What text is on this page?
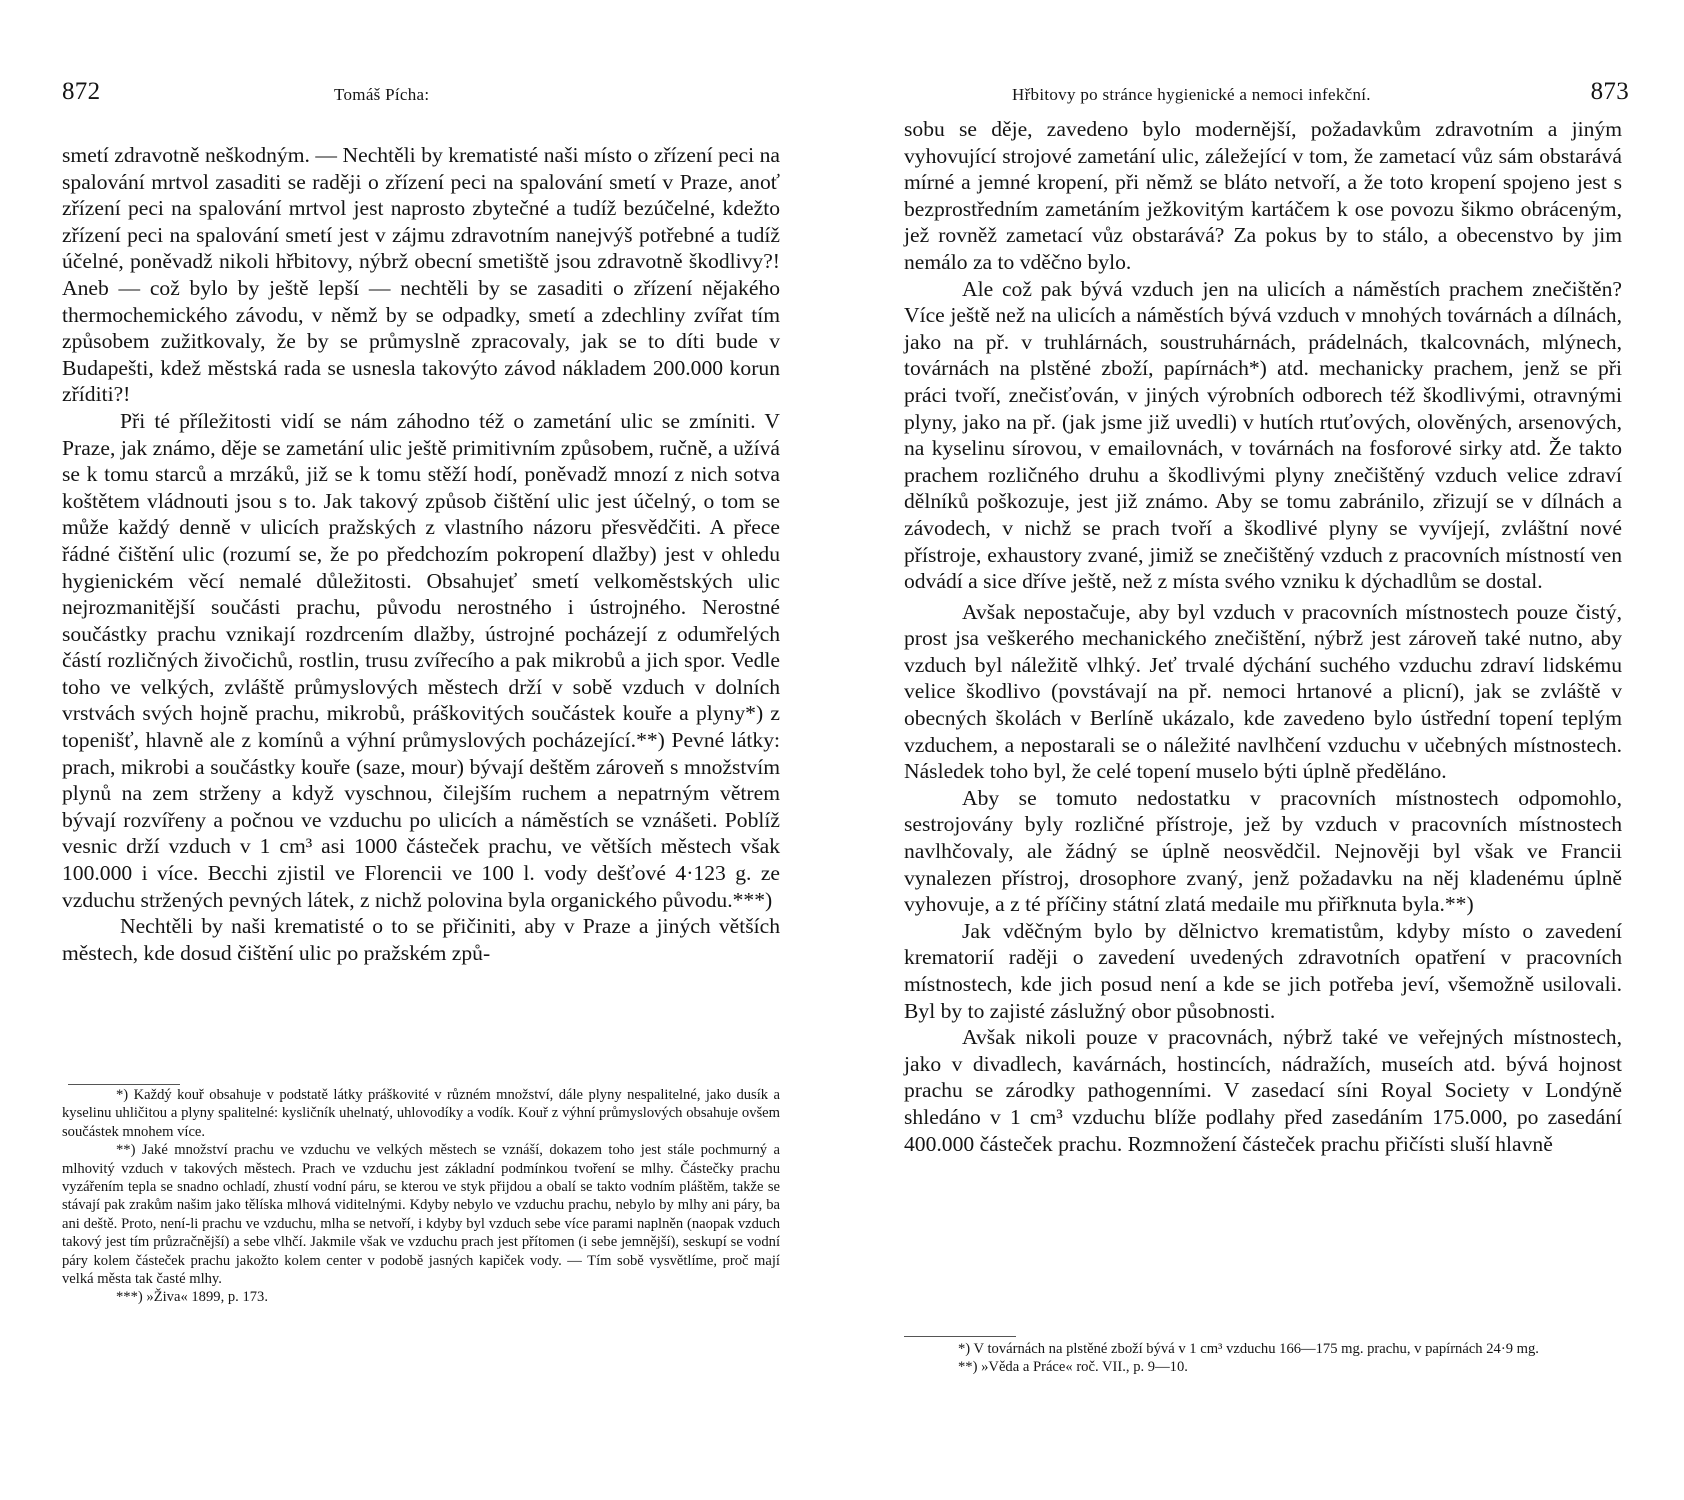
872	Tomáš Pícha:

smetí zdravotně neškodným. — Nechtěli by krematisté naši místo o zřízení peci na spalování mrtvol zasaditi se raději o zřízení peci na spalování smetí v Praze, anoť zřízení peci na spalování mrtvol jest naprosto zbytečné a tudíž bezúčelné, kdežto zřízení peci na spalování smetí jest v zájmu zdravotním nanejvýš potřebné a tudíž účelné, poněvadž nikoli hřbitovy, nýbrž obecní smetiště jsou zdravotně škodlivy?! Aneb — což bylo by ještě lepší — nechtěli by se zasaditi o zřízení nějakého thermochemického závodu, v němž by se odpadky, smetí a zdechliny zvířat tím způsobem zužitkovaly, že by se průmyslně zpracovaly, jak se to díti bude v Budapešti, kdež městská rada se usnesla takovýto závod nákladem 200.000 korun zříditi?!

Při té příležitosti vidí se nám záhodno též o zametání ulic se zmíniti. V Praze, jak známo, děje se zametání ulic ještě primitivním způsobem, ručně, a užívá se k tomu starců a mrzáků, již se k tomu stěží hodí, poněvadž mnozí z nich sotva koštětem vládnouti jsou s to. Jak takový způsob čištění ulic jest účelný, o tom se může každý denně v ulicích pražských z vlastního názoru přesvědčiti. A přece řádné čištění ulic (rozumí se, že po předchozím pokropení dlažby) jest v ohledu hygienickém věcí nemalé důležitosti. Obsahujeť smetí velkoměstských ulic nejrozmanitější součásti prachu, původu nerostného i ústrojného. Nerostné součástky prachu vznikají rozdrcením dlažby, ústrojné pocházejí z odumřelých částí rozličných živočichů, rostlin, trusu zvířecího a pak mikrobů a jich spor. Vedle toho ve velkých, zvláště průmyslových městech drží v sobě vzduch v dolních vrstvách svých hojně prachu, mikrobů, práškovitých součástek kouře a plyny*) z topenišť, hlavně ale z komínů a výhní průmyslových pocházející.**) Pevné látky: prach, mikrobi a součástky kouře (saze, mour) bývají deštěm zároveň s množstvím plynů na zem strženy a když vyschnou, čilejším ruchem a nepatrným větrem bývají rozvířeny a počnou ve vzduchu po ulicích a náměstích se vznášeti. Poblíž vesnic drží vzduch v 1 cm³ asi 1000 částeček prachu, ve větších městech však 100.000 i více. Becchi zjistil ve Florencii ve 100 l. vody dešťové 4·123 g. ze vzduchu stržených pevných látek, z nichž polovina byla organického původu.***)

Nechtěli by naši krematisté o to se přičiniti, aby v Praze a jiných větších městech, kde dosud čištění ulic po pražském způ-

*) Každý kouř obsahuje v podstatě látky práškovité v různém množství, dále plyny nespalitelné, jako dusík a kyselinu uhličitou a plyny spalitelné: kysličník uhelnatý, uhlovodíky a vodík. Kouř z výhní průmyslových obsahuje ovšem součástek mnohem více.

**) Jaké množství prachu ve vzduchu ve velkých městech se vznáší, dokazem toho jest stále pochmurný a mlhovitý vzduch v takových městech. Prach ve vzduchu jest základní podmínkou tvoření se mlhy. Částečky prachu vyzářením tepla se snadno ochladí, zhustí vodní páru, se kterou ve styk přijdou a obalí se takto vodním pláštěm, takže se stávají pak zrakům našim jako tělíska mlhová viditelnými. Kdyby nebylo ve vzduchu prachu, nebylo by mlhy ani páry, ba ani deště. Proto, není-li prachu ve vzduchu, mlha se netvoří, i kdyby byl vzduch sebe více parami naplněn (naopak vzduch takový jest tím průzračnější) a sebe vlhčí. Jakmile však ve vzduchu prach jest přítomen (i sebe jemnější), seskupí se vodní páry kolem částeček prachu jakožto kolem center v podobě jasných kapiček vody. — Tím sobě vysvětlíme, proč mají velká města tak časté mlhy.

***) »Živa« 1899, p. 173.

Hřbitovy po stránce hygienické a nemoci infekční.	873

sobu se děje, zavedeno bylo modernější, požadavkům zdravotním a jiným vyhovující strojové zametání ulic, záležející v tom, že zametací vůz sám obstarává mírné a jemné kropení, při němž se bláto netvoří, a že toto kropení spojeno jest s bezprostředním zametáním ježkovitým kartáčem k ose povozu šikmo obráceným, jež rovněž zametací vůz obstarává? Za pokus by to stálo, a obecenstvo by jim nemálo za to vděčno bylo.

Ale což pak bývá vzduch jen na ulicích a náměstích prachem znečištěn? Více ještě než na ulicích a náměstích bývá vzduch v mnohých továrnách a dílnách, jako na př. v truhlárnách, soustruhárnách, prádelnách, tkalcovnách, mlýnech, továrnách na plstěné zboží, papírnách*) atd. mechanicky prachem, jenž se při práci tvoří, znečisťován, v jiných výrobních odborech též škodlivými, otravnými plyny, jako na př. (jak jsme již uvedli) v hutích rtuťových, olověných, arsenových, na kyselinu sírovou, v emailovnách, v továrnách na fosforové sirky atd. Že takto prachem rozličného druhu a škodlivými plyny znečištěný vzduch velice zdraví dělníků poškozuje, jest již známo. Aby se tomu zabránilo, zřizují se v dílnách a závodech, v nichž se prach tvoří a škodlivé plyny se vyvíjejí, zvláštní nové přístroje, exhaustory zvané, jimiž se znečištěný vzduch z pracovních místností ven odvádí a sice dříve ještě, než z místa svého vzniku k dýchadlům se dostal.

Avšak nepostačuje, aby byl vzduch v pracovních místnostech pouze čistý, prost jsa veškerého mechanického znečištění, nýbrž jest zároveň také nutno, aby vzduch byl náležitě vlhký. Jeť trvalé dýchání suchého vzduchu zdraví lidskému velice škodlivo (povstávají na př. nemoci hrtanové a plicní), jak se zvláště v obecných školách v Berlíně ukázalo, kde zavedeno bylo ústřední topení teplým vzduchem, a nepostarali se o náležité navlhčení vzduchu v učebných místnostech. Následek toho byl, že celé topení muselo býti úplně předěláno.

Aby se tomuto nedostatku v pracovních místnostech odpomohlo, sestrojovány byly rozličné přístroje, jež by vzduch v pracovních místnostech navlhčovaly, ale žádný se úplně neosvědčil. Nejnověji byl však ve Francii vynalezen přístroj, drosophore zvaný, jenž požadavku na něj kladenému úplně vyhovuje, a z té příčiny státní zlatá medaile mu přiřknuta byla.**)

Jak vděčným bylo by dělnictvo krematistům, kdyby místo o zavedení krematorií raději o zavedení uvedených zdravotních opatření v pracovních místnostech, kde jich posud není a kde se jich potřeba jeví, všemožně usilovali. Byl by to zajisté záslužný obor působnosti.

Avšak nikoli pouze v pracovnách, nýbrž také ve veřejných místnostech, jako v divadlech, kavárnách, hostincích, nádražích, museích atd. bývá hojnost prachu se zárodky pathogenními. V zasedací síni Royal Society v Londýně shledáno v 1 cm³ vzduchu blíže podlahy před zasedáním 175.000, po zasedání 400.000 částeček prachu. Rozmnožení částeček prachu přičísti sluší hlavně

*) V továrnách na plstěné zboží bývá v 1 cm³ vzduchu 166—175 mg. prachu, v papírnách 24·9 mg.

**) »Věda a Práce« roč. VII., p. 9—10.
